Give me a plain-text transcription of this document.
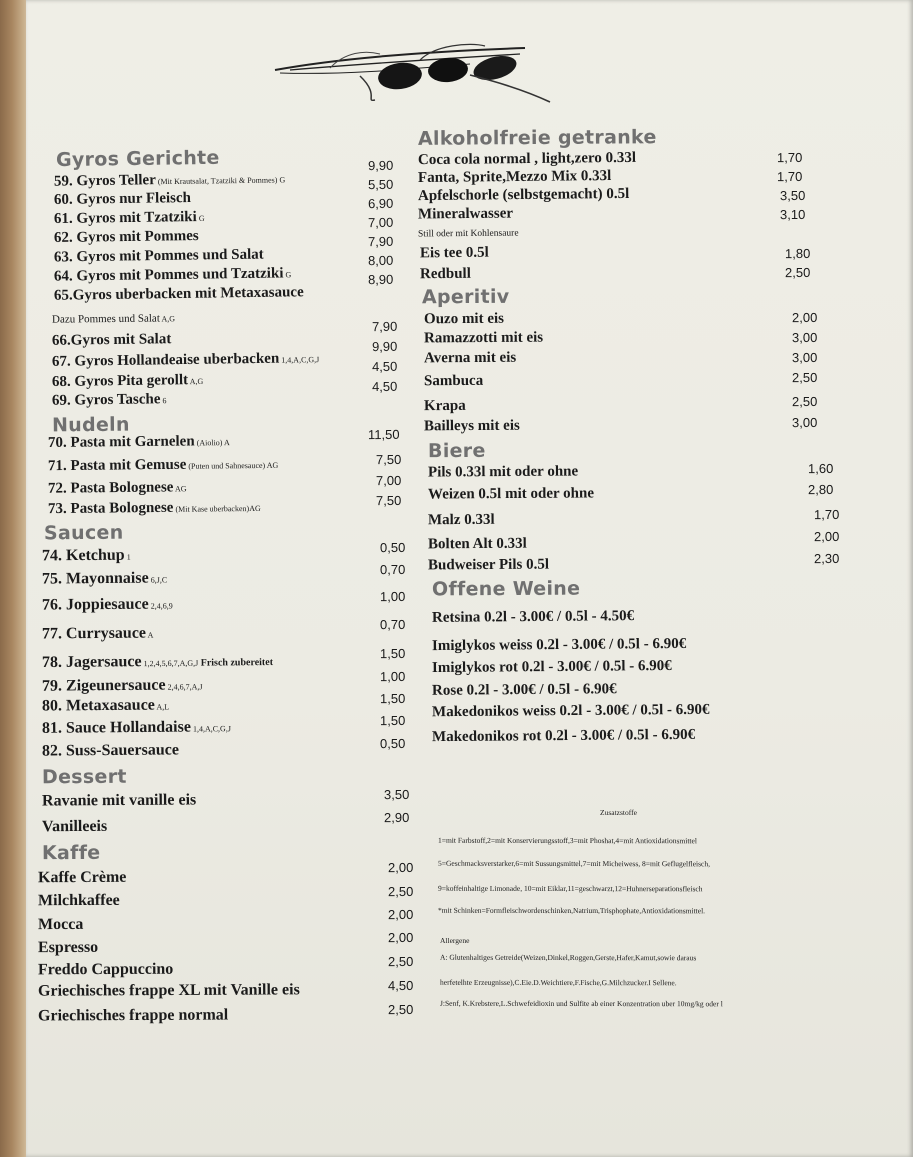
Gyros Gerichte
59. Gyros Teller (Mit Krautsalat, Tzatziki & Pommes) G
9,90
60. Gyros nur Fleisch
5,50
61. Gyros mit Tzatziki G
6,90
62. Gyros mit Pommes
7,00
63. Gyros mit Pommes und Salat
7,90
64. Gyros mit Pommes und Tzatziki G
8,00
65.Gyros uberbacken mit Metaxasauce
8,90
Dazu Pommes und Salat A,G
66.Gyros mit Salat
7,90
67. Gyros Hollandeaise uberbacken 1,4,A,C,G,J
9,90
68. Gyros Pita gerollt A,G
4,50
69. Gyros Tasche 6
4,50
Nudeln
70. Pasta mit Garnelen (Aiolio) A
11,50
71. Pasta mit Gemuse (Puten und Sahnesauce) AG	7,50
72. Pasta Bolognese AG
7,00
73. Pasta Bolognese (Mit Kase uberbacken)AG
7,50
Saucen
74. Ketchup 1
0,50
75. Mayonnaise 6,J,C
0,70
76. Joppiesauce 2,4,6,9
1,00
77. Currysauce A
0,70
78. Jagersauce 1,2,4,5,6,7,A,G,J Frisch zubereitet
1,50
79. Zigeunersauce 2,4,6,7,A,J
1,00
80. Metaxasauce A,L
1,50
81. Sauce Hollandaise 1,4,A,C,G,J
1,50
82. Suss-Sauersauce	0,50
Dessert
Ravanie mit vanille eis	3,50
Vanilleeis
2,90
Kaffe
Kaffe Crème
2,00
Milchkaffee
2,50
Mocca
2,00
Espresso
2,00
Freddo Cappuccino	2,50
Griechisches frappe XL mit Vanille eis	4,50
Griechisches frappe normal	2,50
Alkoholfreie getranke
Coca cola normal , light,zero 0.33l	1,70
Fanta, Sprite,Mezzo Mix 0.33l	1,70
Apfelschorle (selbstgemacht) 0.5l	3,50
Mineralwasser	3,10
Still oder mit Kohlensaure
Eis tee 0.5l	1,80
Redbull	2,50
Aperitiv
Ouzo mit eis	2,00
Ramazzotti mit eis	3,00
Averna mit eis	3,00
Sambuca	2,50
Krapa	2,50
Bailleys mit eis	3,00
Biere
Pils 0.33l mit oder ohne	1,60
Weizen 0.5l mit oder ohne	2,80
Malz 0.33l	1,70
Bolten Alt 0.33l	2,00
Budweiser Pils 0.5l	2,30
Offene Weine
Retsina 0.2l - 3.00€ / 0.5l - 4.50€
Imiglykos weiss 0.2l - 3.00€ / 0.5l - 6.90€
Imiglykos rot 0.2l - 3.00€ / 0.5l - 6.90€
Rose 0.2l - 3.00€ / 0.5l - 6.90€
Makedonikos weiss 0.2l - 3.00€ / 0.5l - 6.90€
Makedonikos rot 0.2l - 3.00€ / 0.5l - 6.90€
Zusatzstoffe
1=mit Farbstoff,2=mit Konservierungsstoff,3=mit Phoshat,4=mit Antioxidationsmittel
5=Geschmacksverstarker,6=mit Sussungsmittel,7=mit Micheiwess, 8=mit Geflugelfleisch,
9=koffeinhaltige Limonade, 10=mit Eiklar,11=geschwarzt,12=Huhnerseparationsfleisch
*mit Schinken=Formfleischwordenschinken,Natrium,Trisphophate,Antioxidationsmittel.
Allergene
A: Glutenhaltiges Getreide(Weizen,Dinkel,Roggen,Gerste,Hafer,Kamut,sowie daraus
herfetelhte Erzeugnisse),C.Eie.D.Weichtiere,F.Fische,G.Milchzucker.I Sellene.
J:Senf, K.Krebstere,L.Schwefeidioxin und Sulfite ab einer Konzentration uber 10mg/kg oder l
